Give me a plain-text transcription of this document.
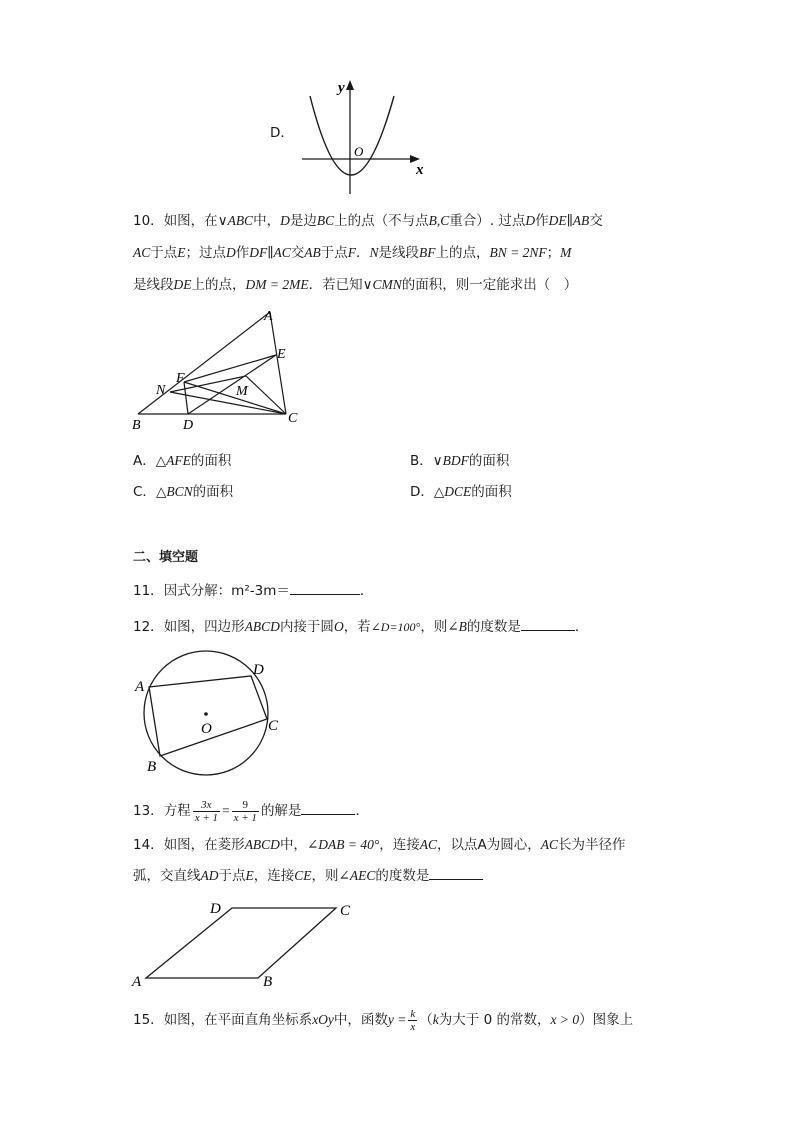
D．
y
x
O
10．如图，在∨ABC中，D是边BC上的点（不与点B,C重合）. 过点D作DE∥AB交
AC于点E；过点D作DF∥AC交AB于点F．N是线段BF上的点，BN = 2NF；M
是线段DE上的点，DM = 2ME．若已知∨CMN的面积，则一定能求出（　）
A
E
F
N	M
B	D	C
A．△AFE的面积	B．∨BDF的面积
C．△BCN的面积	D．△DCE的面积
二、填空题
11．因式分解：m²-3m＝	．
12．如图，四边形ABCD内接于圆O，若∠D=100°，则∠B的度数是	．
A
D
C
B
O
13．方程 $\frac{3x}{x + 1} = \frac{9}{x + 1}$ 的解是	．
14．如图，在菱形ABCD中，∠DAB = 40°，连接AC，以点A为圆心，AC长为半径作
弧，交直线AD于点E，连接CE，则∠AEC的度数是
D	C
A	B
15．如图，在平面直角坐标系xOy中，函数$y = \frac{k}{x} (k$为大于 0 的常数，x > 0）图象上
